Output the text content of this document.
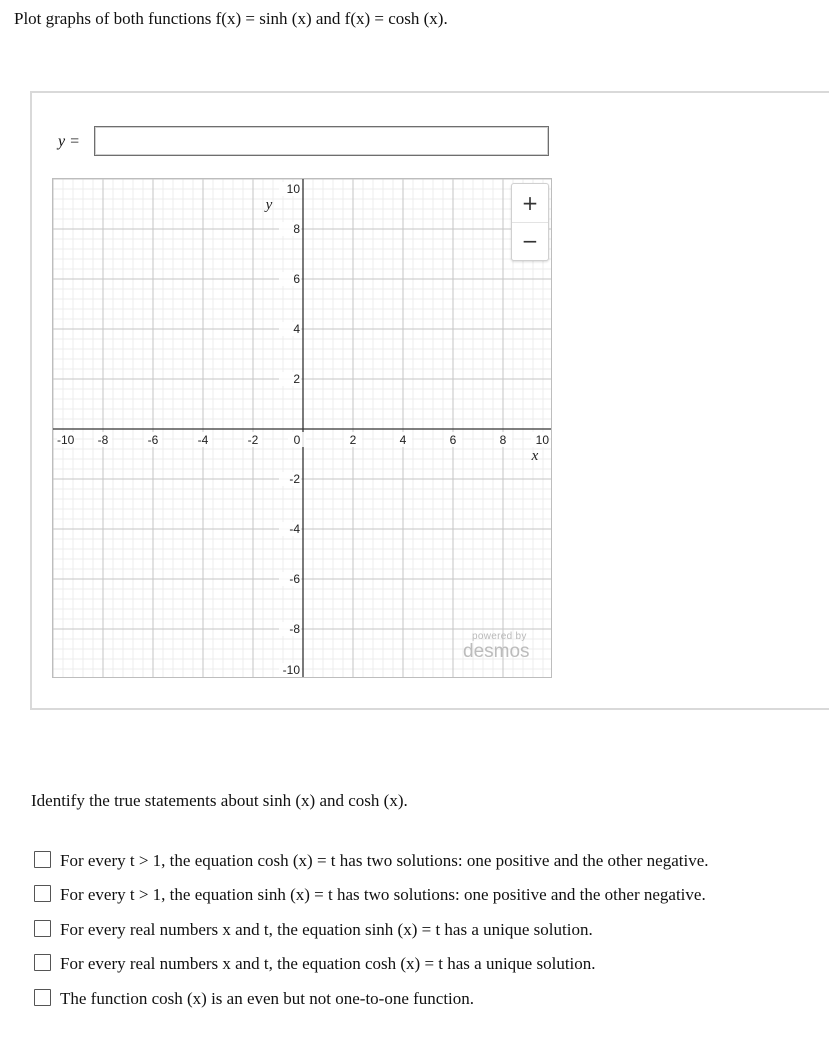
Plot graphs of both functions f(x) = sinh (x) and f(x) = cosh (x).
y =
-10 -8	-6	-4	-2	0	2	4	6	8 10
10
8
6
4
2
-2
-4
-6
-8
-10
x
y	+
−
powered by
desmos
Identify the true statements about sinh (x) and cosh (x).
For every t > 1, the equation cosh (x) = t has two solutions: one positive and the other negative.
For every t > 1, the equation sinh (x) = t has two solutions: one positive and the other negative.
For every real numbers x and t, the equation sinh (x) = t has a unique solution.
For every real numbers x and t, the equation cosh (x) = t has a unique solution.
The function cosh (x) is an even but not one-to-one function.
